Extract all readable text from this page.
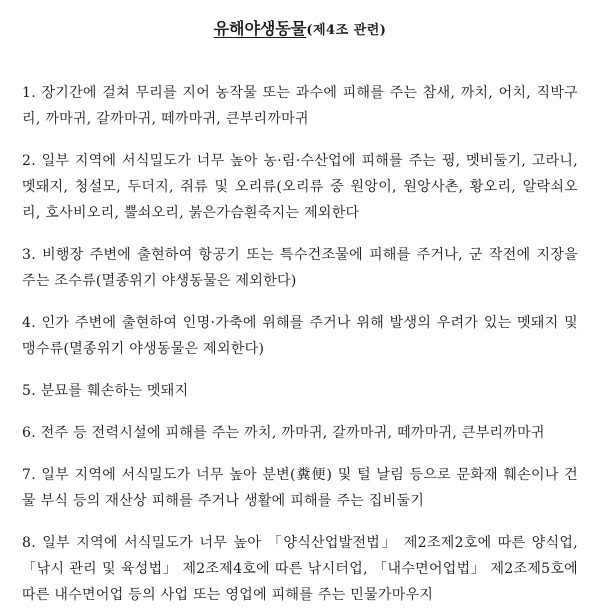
유해야생동물(제4조 관련)
1. 장기간에 걸쳐 무리를 지어 농작물 또는 과수에 피해를 주는 참새, 까치, 어치, 직박구리, 까마귀, 갈까마귀, 떼까마귀, 큰부리까마귀
2. 일부 지역에 서식밀도가 너무 높아 농·림·수산업에 피해를 주는 꿩, 멧비둘기, 고라니, 멧돼지, 청설모, 두더지, 쥐류 및 오리류(오리류 중 원앙이, 원앙사촌, 황오리, 알락쇠오리, 호사비오리, 뿔쇠오리, 붉은가슴흰죽지는 제외한다
3. 비행장 주변에 출현하여 항공기 또는 특수건조물에 피해를 주거나, 군 작전에 지장을 주는 조수류(멸종위기 야생동물은 제외한다)
4. 인가 주변에 출현하여 인명·가축에 위해를 주거나 위해 발생의 우려가 있는 멧돼지 및 맹수류(멸종위기 야생동물은 제외한다)
5. 분묘를 훼손하는 멧돼지
6. 전주 등 전력시설에 피해를 주는 까치, 까마귀, 갈까마귀, 떼까마귀, 큰부리까마귀
7. 일부 지역에 서식밀도가 너무 높아 분변(糞便) 및 털 날림 등으로 문화재 훼손이나 건물 부식 등의 재산상 피해를 주거나 생활에 피해를 주는 집비둘기
8. 일부 지역에 서식밀도가 너무 높아 「양식산업발전법」 제2조제2호에 따른 양식업, 「낚시 관리 및 육성법」 제2조제4호에 따른 낚시터업, 「내수면어업법」 제2조제5호에 따른 내수면어업 등의 사업 또는 영업에 피해를 주는 민물가마우지
